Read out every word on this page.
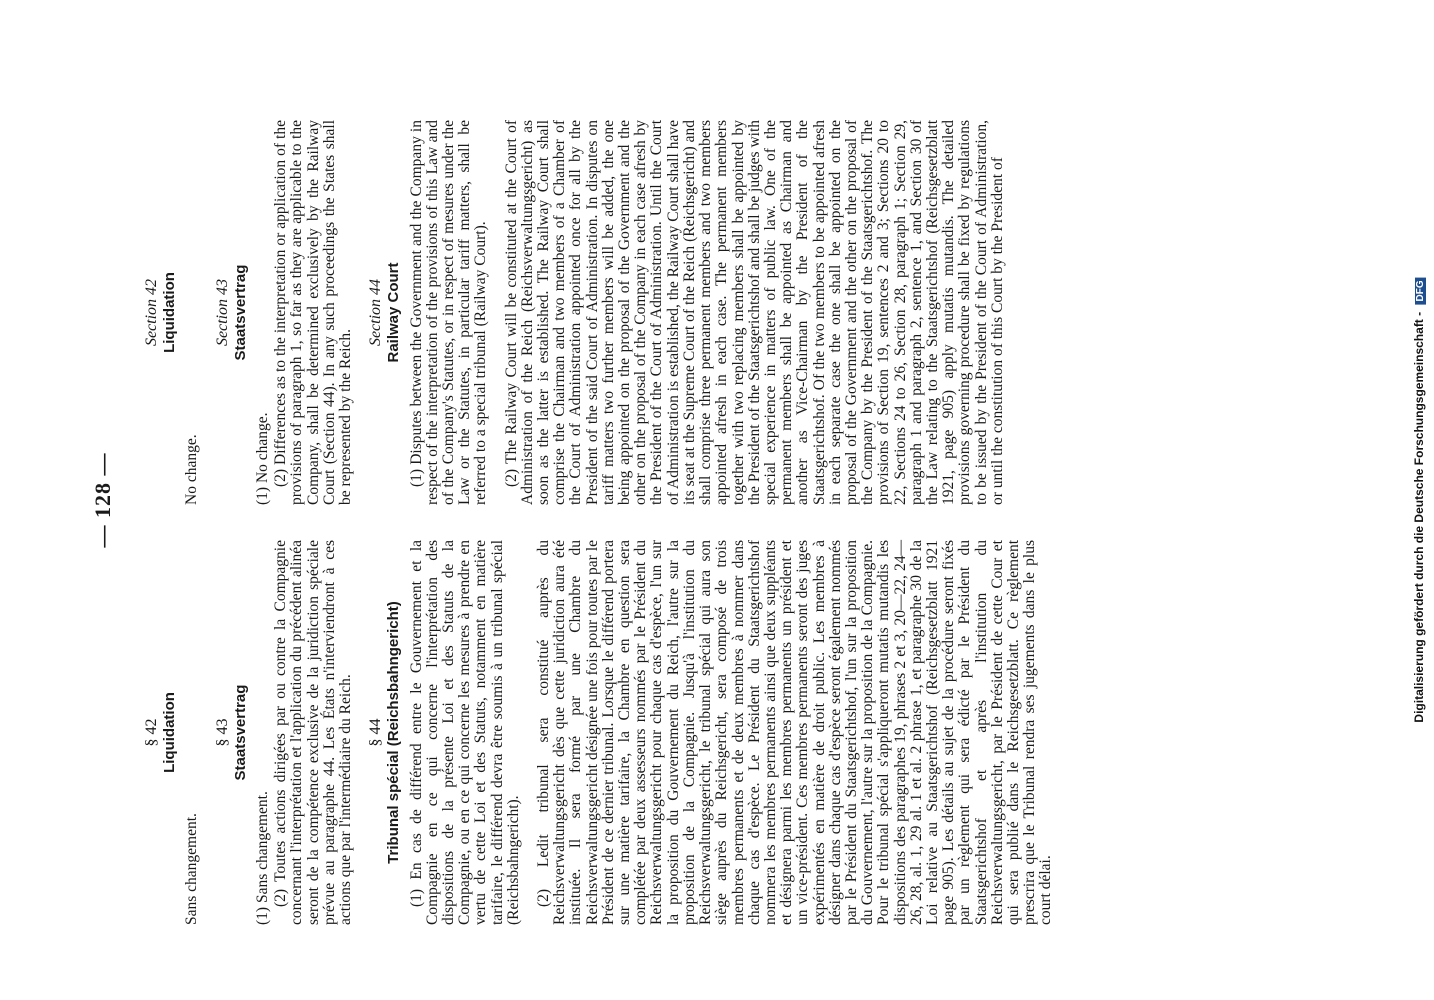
— 128 —
§ 42 Liquidation
Sans changement.
§ 43 Staatsvertrag
(1) Sans changement. (2) Toutes actions dirigées par ou contre la Compagnie concernant l'interprétation et l'application du précédent alinéa seront de la compétence exclusive de la juridiction spéciale prévue au paragraphe 44. Les États n'interviendront à ces actions que par l'intermédiaire du Reich. § 44 Tribunal spécial (Reichsbahngericht) (1) En cas de différend entre le Gouvernement et la Compagnie en ce qui concerne l'interprétation des dispositions de la présente Loi et des Statuts de la Compagnie, ou en ce qui concerne les mesures à prendre en vertu de cette Loi et des Statuts, notamment en matière tarifaire, le différend devra être soumis à un tribunal spécial (Reichsbahngericht). (2) Ledit tribunal sera constitué auprès du Reichsverwaltungsgericht dès que cette juridiction aura été instituée. Il sera formé par une Chambre du Reichsverwaltungsgericht désignée une fois pour toutes par le Président de ce dernier tribunal. Lorsque le différend portera sur une matière tarifaire, la Chambre en question sera complétée par deux assesseurs nommés par le Président du Reichsverwaltungsgericht pour chaque cas d'espèce, l'un sur la proposition du Gouvernement du Reich, l'autre sur la proposition de la Compagnie. Jusqu'à l'institution du Reichsverwaltungsgericht, le tribunal spécial qui aura son siège auprès du Reichsgericht, sera composé de trois membres permanents et de deux membres à nommer dans chaque cas d'espèce. Le Président du Staatsgerichtshof nommera les membres permanents ainsi que deux suppléants et désignera parmi les membres permanents un président et un vice-président. Ces membres permanents seront des juges expérimentés en matière de droit public. Les membres à désigner dans chaque cas d'espèce seront également nommés par le Président du Staatsgerichtshof, l'un sur la proposition du Gouvernement, l'autre sur la proposition de la Compagnie. Pour le tribunal spécial s'appliqueront mutatis mutandis les dispositions des paragraphes 19, phrases 2 et 3, 20—22, 24—26, 28, al. 1, 29 al. 1 et al. 2 phrase 1, et paragraphe 30 de la Loi relative au Staatsgerichtshof (Reichsgesetzblatt 1921 page 905). Les détails au sujet de la procédure seront fixés par un règlement qui sera édicté par le Président du Staatsgerichtshof et après l'institution du Reichsverwaltungsgericht, par le Président de cette Cour et qui sera publié dans le Reichsgesetzblatt. Ce règlement prescrira que le Tribunal rendra ses jugements dans le plus court délai.
Section 42 Liquidation
No change.
Section 43 Staatsvertrag
(1) No change. (2) Differences as to the interpretation or application of the provisions of paragraph 1, so far as they are applicable to the Company, shall be determined exclusively by the Railway Court (Section 44). In any such proceedings the States shall be represented by the Reich.
Section 44 Railway Court (1) Disputes between the Government and the Company in respect of the interpretation of the provisions of this Law and of the Company's Statutes, or in respect of mesures under the Law or the Statutes, in particular tariff matters, shall be referred to a special tribunal (Railway Court). (2) The Railway Court will be constituted at the Court of Administration of the Reich (Reichsverwaltungsgericht) as soon as the latter is established. The Railway Court shall comprise the Chairman and two members of a Chamber of the Court of Administration appointed once for all by the President of the said Court of Administration. In disputes on tariff matters two further members will be added, the one being appointed on the proposal of the Government and the other on the proposal of the Company in each case afresh by the President of the Court of Administration. Until the Court of Administration is established, the Railway Court shall have its seat at the Supreme Court of the Reich (Reichsgericht) and shall comprise three permanent members and two members appointed afresh in each case. The permanent members together with two replacing members shall be appointed by the President of the Staatsgerichtshof and shall be judges with special experience in matters of public law. One of the permanent members shall be appointed as Chairman and another as Vice-Chairman by the President of the Staatsgerichtshof. Of the two members to be appointed afresh in each separate case the one shall be appointed on the proposal of the Government and the other on the proposal of the Company by the President of the Staatsgerichtshof. The provisions of Section 19, sentences 2 and 3; Sections 20 to 22, Sections 24 to 26, Section 28, paragraph 1; Section 29, paragraph 1 and paragraph 2, sentence 1, and Section 30 of the Law relating to the Staatsgerichtshof (Reichsgesetzblatt 1921, page 905) apply mutatis mutandis. The detailed provisions governing procedure shall be fixed by regulations to be issued by the President of the Court of Administration, or until the constitution of this Court by the President of	Digitalisierung gefördert durch die Deutsche Forschungsgemeinschaft - DFG
